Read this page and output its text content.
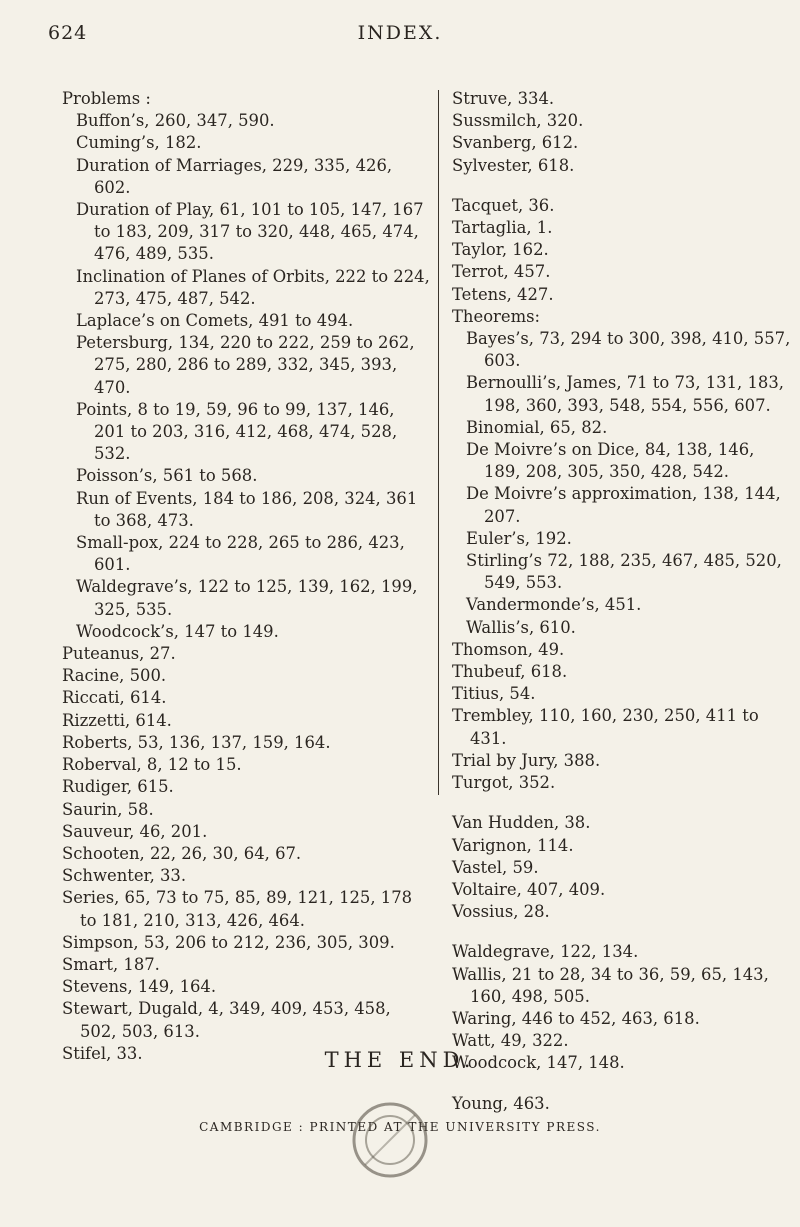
624	INDEX.
Problems :
Buffon’s, 260, 347, 590.
Cuming’s, 182.
Duration of Marriages, 229, 335, 426, 602.
Duration of Play, 61, 101 to 105, 147, 167 to 183, 209, 317 to 320, 448, 465, 474, 476, 489, 535.
Inclination of Planes of Orbits, 222 to 224, 273, 475, 487, 542.
Laplace’s on Comets, 491 to 494.
Petersburg, 134, 220 to 222, 259 to 262, 275, 280, 286 to 289, 332, 345, 393, 470.
Points, 8 to 19, 59, 96 to 99, 137, 146, 201 to 203, 316, 412, 468, 474, 528, 532.
Poisson’s, 561 to 568.
Run of Events, 184 to 186, 208, 324, 361 to 368, 473.
Small-pox, 224 to 228, 265 to 286, 423, 601.
Waldegrave’s, 122 to 125, 139, 162, 199, 325, 535.
Woodcock’s, 147 to 149.
Puteanus, 27.
Racine, 500.
Riccati, 614.
Rizzetti, 614.
Roberts, 53, 136, 137, 159, 164.
Roberval, 8, 12 to 15.
Rudiger, 615.
Saurin, 58.
Sauveur, 46, 201.
Schooten, 22, 26, 30, 64, 67.
Schwenter, 33.
Series, 65, 73 to 75, 85, 89, 121, 125, 178 to 181, 210, 313, 426, 464.
Simpson, 53, 206 to 212, 236, 305, 309.
Smart, 187.
Stevens, 149, 164.
Stewart, Dugald, 4, 349, 409, 453, 458, 502, 503, 613.
Stifel, 33.
Struve, 334.
Sussmilch, 320.
Svanberg, 612.
Sylvester, 618.
Tacquet, 36.
Tartaglia, 1.
Taylor, 162.
Terrot, 457.
Tetens, 427.
Theorems:
Bayes’s, 73, 294 to 300, 398, 410, 557, 603.
Bernoulli’s, James, 71 to 73, 131, 183, 198, 360, 393, 548, 554, 556, 607.
Binomial, 65, 82.
De Moivre’s on Dice, 84, 138, 146, 189, 208, 305, 350, 428, 542.
De Moivre’s approximation, 138, 144, 207.
Euler’s, 192.
Stirling’s 72, 188, 235, 467, 485, 520, 549, 553.
Vandermonde’s, 451.
Wallis’s, 610.
Thomson, 49.
Thubeuf, 618.
Titius, 54.
Trembley, 110, 160, 230, 250, 411 to 431.
Trial by Jury, 388.
Turgot, 352.
Van Hudden, 38.
Varignon, 114.
Vastel, 59.
Voltaire, 407, 409.
Vossius, 28.
Waldegrave, 122, 134.
Wallis, 21 to 28, 34 to 36, 59, 65, 143, 160, 498, 505.
Waring, 446 to 452, 463, 618.
Watt, 49, 322.
Woodcock, 147, 148.
Young, 463.
THE END.
CAMBRIDGE : PRINTED AT THE UNIVERSITY PRESS.
